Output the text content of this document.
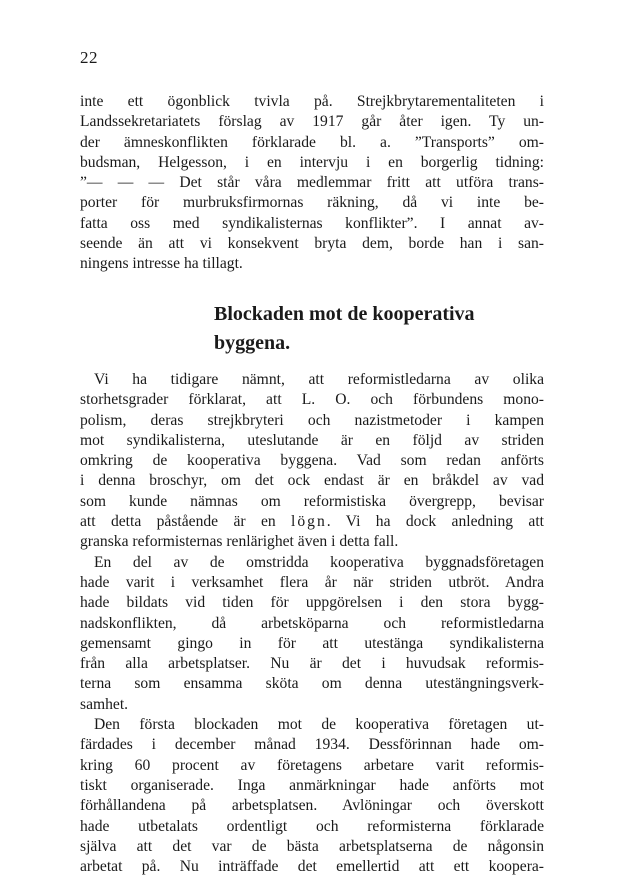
22
inte ett ögonblick tvivla på. Strejkbrytarementaliteten i
Landssekretariatets förslag av 1917 går åter igen. Ty un-
der ämneskonflikten förklarade bl. a. ”Transports” om-
budsman, Helgesson, i en intervju i en borgerlig tidning:
”— — — Det står våra medlemmar fritt att utföra trans-
porter för murbruksfirmornas räkning, då vi inte be-
fatta oss med syndikalisternas konflikter”. I annat av-
seende än att vi konsekvent bryta dem, borde han i san-
ningens intresse ha tillagt.
Blockaden mot de kooperativa
byggena.
Vi ha tidigare nämnt, att reformistledarna av olika
storhetsgrader förklarat, att L. O. och förbundens mono-
polism, deras strejkbryteri och nazistmetoder i kampen
mot syndikalisterna, uteslutande är en följd av striden
omkring de kooperativa byggena. Vad som redan anförts
i denna broschyr, om det ock endast är en bråkdel av vad
som kunde nämnas om reformistiska övergrepp, bevisar
att detta påstående är en lögn. Vi ha dock anledning att
granska reformisternas renlärighet även i detta fall.
En del av de omstridda kooperativa byggnadsföretagen
hade varit i verksamhet flera år när striden utbröt. Andra
hade bildats vid tiden för uppgörelsen i den stora bygg-
nadskonflikten, då arbetsköparna och reformistledarna
gemensamt gingo in för att utestänga syndikalisterna
från alla arbetsplatser. Nu är det i huvudsak reformis-
terna som ensamma sköta om denna utestängningsverk-
samhet.
Den första blockaden mot de kooperativa företagen ut-
färdades i december månad 1934. Dessförinnan hade om-
kring 60 procent av företagens arbetare varit reformis-
tiskt organiserade. Inga anmärkningar hade anförts mot
förhållandena på arbetsplatsen. Avlöningar och överskott
hade utbetalats ordentligt och reformisterna förklarade
själva att det var de bästa arbetsplatserna de någonsin
arbetat på. Nu inträffade det emellertid att ett koopera-
